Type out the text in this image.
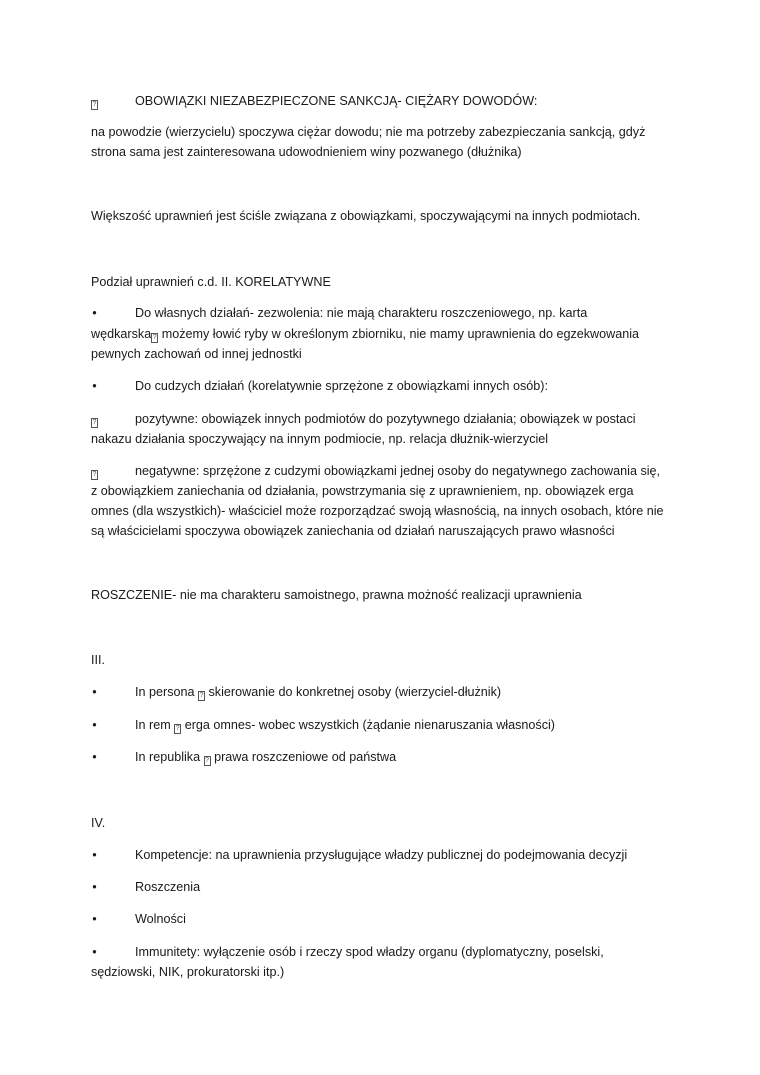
?	OBOWIĄZKI NIEZABEZPIECZONE SANKCJĄ- CIĘŻARY DOWODÓW:

na powodzie (wierzycielu) spoczywa ciężar dowodu; nie ma potrzeby zabezpieczania sankcją, gdyż

strona sama jest zainteresowana udowodnieniem winy pozwanego (dłużnika)

Większość uprawnień jest ściśle związana z obowiązkami, spoczywającymi na innych podmiotach.

Podział uprawnień c.d. II. KORELATYWNE

•	Do własnych działań- zezwolenia: nie mają charakteru roszczeniowego, np. karta

wędkarska ? możemy łowić ryby w określonym zbiorniku, nie mamy uprawnienia do egzekwowania

pewnych zachowań od innej jednostki

•	Do cudzych działań (korelatywnie sprzężone z obowiązkami innych osób):

?	pozytywne: obowiązek innych podmiotów do pozytywnego działania; obowiązek w postaci

nakazu działania spoczywający na innym podmiocie, np. relacja dłużnik-wierzyciel

?	negatywne: sprzężone z cudzymi obowiązkami jednej osoby do negatywnego zachowania się,

z obowiązkiem zaniechania od działania, powstrzymania się z uprawnieniem, np. obowiązek erga

omnes (dla wszystkich)- właściciel może rozporządzać swoją własnością, na innych osobach, które nie

są właścicielami spoczywa obowiązek zaniechania od działań naruszających prawo własności

ROSZCZENIE- nie ma charakteru samoistnego, prawna możność realizacji uprawnienia

III.

•	In persona ? skierowanie do konkretnej osoby (wierzyciel-dłużnik)

•	In rem ? erga omnes- wobec wszystkich (żądanie nienaruszania własności)

•	In republika ? prawa roszczeniowe od państwa

IV.

•	Kompetencje: na uprawnienia przysługujące władzy publicznej do podejmowania decyzji

•	Roszczenia

•	Wolności

•	Immunitety: wyłączenie osób i rzeczy spod władzy organu (dyplomatyczny, poselski,

sędziowski, NIK, prokuratorski itp.)
